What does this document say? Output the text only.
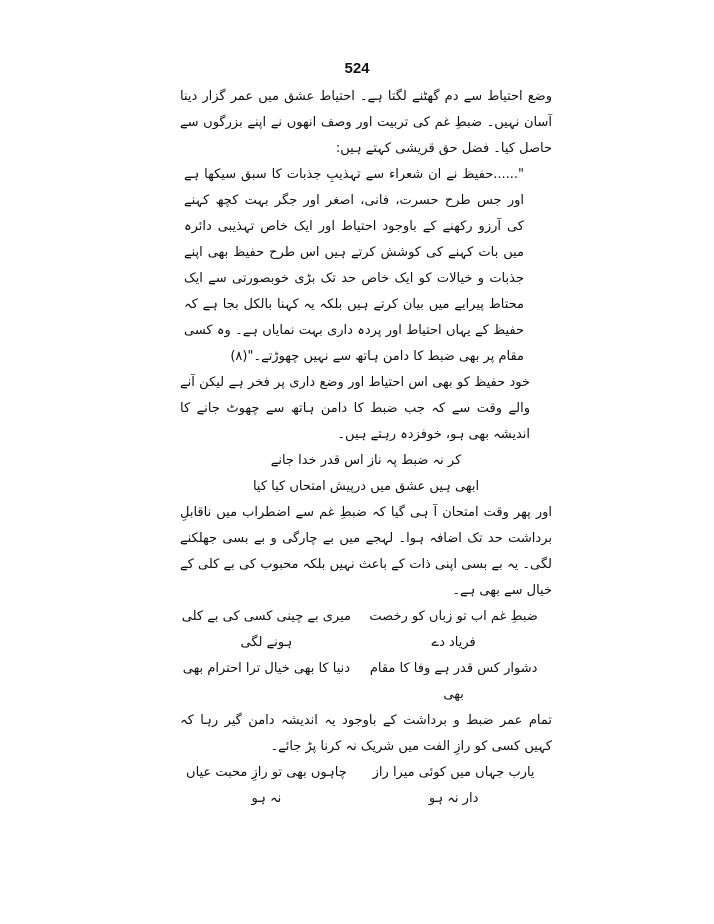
524

وضع احتیاط سے دم گھٹنے لگتا ہے۔ احتیاط عشق میں عمر گزار دینا آسان نہیں۔ ضبطِ غم کی تربیت اور وصف انھوں نے اپنے بزرگوں سے حاصل کیا۔ فضل حق قریشی کہتے ہیں:

"......حفیظ نے ان شعراء سے تہذیبِ جذبات کا سبق سیکھا ہے اور جس طرح حسرت، فانی، اصغر اور جگر بہت کچھ کہنے کی آرزو رکھنے کے باوجود احتیاط اور ایک خاص تہذیبی دائرہ میں بات کہنے کی کوشش کرتے ہیں اس طرح حفیظ بھی اپنے جذبات و خیالات کو ایک خاص حد تک بڑی خوبصورتی سے ایک محتاط پیرایے میں بیان کرتے ہیں بلکہ یہ کہنا بالکل بجا ہے کہ حفیظ کے یہاں احتیاط اور پردہ داری بہت نمایاں ہے۔ وہ کسی مقام پر بھی ضبط کا دامن ہاتھ سے نہیں چھوڑتے۔"(۸)

خود حفیظ کو بھی اس احتیاط اور وضع داری پر فخر ہے لیکن آنے والے وقت سے کہ جب ضبط کا دامن ہاتھ سے چھوٹ جانے کا اندیشہ بھی ہو، خوفزدہ رہتے ہیں۔

کر نہ ضبط پہ ناز اس قدر خدا جانے

ابھی ہیں عشق میں درپیش امتحاں کیا کیا

اور پھر وقت امتحان آ ہی گیا کہ ضبطِ غم سے اضطراب میں ناقابلِ برداشت حد تک اضافہ ہوا۔ لہجے میں بے چارگی و بے بسی جھلکنے لگی۔ یہ بے بسی اپنی ذات کے باعث نہیں بلکہ محبوب کی بے کلی کے خیال سے بھی ہے۔

ضبطِ غم اب تو زباں کو رخصت فریاد دے
میری بے چینی کسی کی بے کلی ہونے لگی
دشوار کس قدر ہے وفا کا مقام بھی
دنیا کا بھی خیال ترا احترام بھی

تمام عمر ضبط و برداشت کے باوجود یہ اندیشہ دامن گیر رہا کہ کہیں کسی کو رازِ الفت میں شریک نہ کرنا پڑ جائے۔

یارب جہاں میں کوئی میرا راز دار نہ ہو
چاہوں بھی تو رازِ محبت عیاں نہ ہو
